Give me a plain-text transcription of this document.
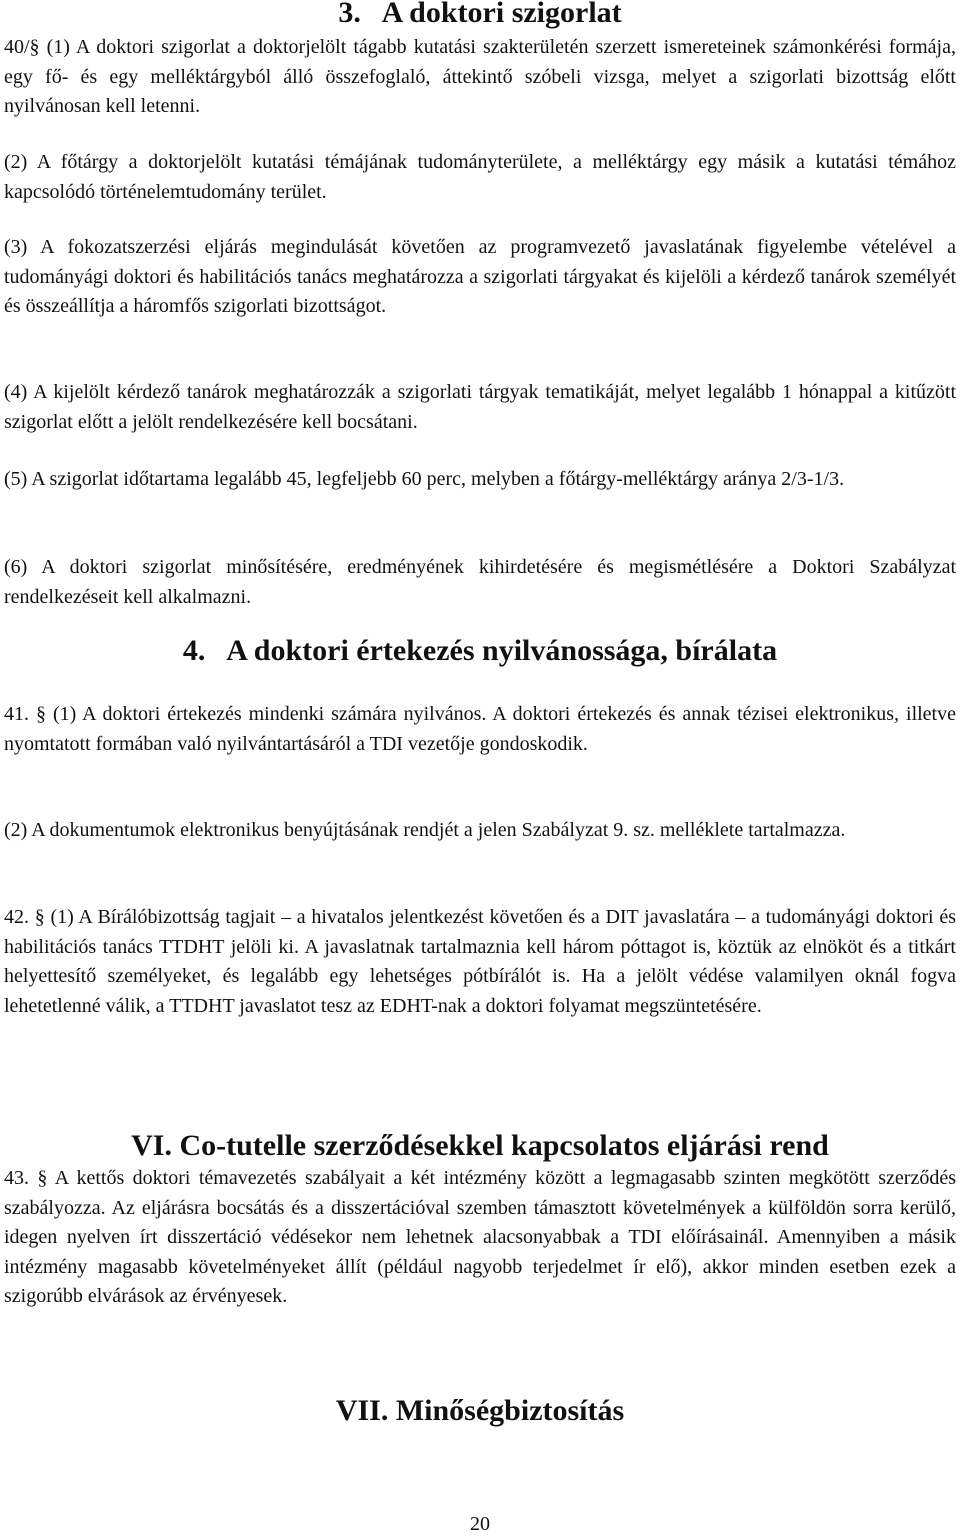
3.   A doktori szigorlat

40/§ (1) A doktori szigorlat a doktorjelölt tágabb kutatási szakterületén szerzett ismereteinek számonkérési formája, egy fő- és egy melléktárgyból álló összefoglaló, áttekintő szóbeli vizsga, melyet a szigorlati bizottság előtt nyilvánosan kell letenni.

(2) A főtárgy a doktorjelölt kutatási témájának tudományterülete, a melléktárgy egy másik a kutatási témához kapcsolódó történelemtudomány terület.

(3) A fokozatszerzési eljárás megindulását követően az programvezető javaslatának figyelembe vételével a tudományági doktori és habilitációs tanács meghatározza a szigorlati tárgyakat és kijelöli a kérdező tanárok személyét és összeállítja a háromfős szigorlati bizottságot.

(4) A kijelölt kérdező tanárok meghatározzák a szigorlati tárgyak tematikáját, melyet legalább 1 hónappal a kitűzött szigorlat előtt a jelölt rendelkezésére kell bocsátani.

(5) A szigorlat időtartama legalább 45, legfeljebb 60 perc, melyben a főtárgy-melléktárgy aránya 2/3-1/3.

(6) A doktori szigorlat minősítésére, eredményének kihirdetésére és megismétlésére a Doktori Szabályzat rendelkezéseit kell alkalmazni.

4.   A doktori értekezés nyilvánossága, bírálata

41. § (1) A doktori értekezés mindenki számára nyilvános. A doktori értekezés és annak tézisei elektronikus, illetve nyomtatott formában való nyilvántartásáról a TDI vezetője gondoskodik.

(2) A dokumentumok elektronikus benyújtásának rendjét a jelen Szabályzat 9. sz. melléklete tartalmazza.

42. § (1) A Bírálóbizottság tagjait – a hivatalos jelentkezést követően és a DIT javaslatára – a tudományági doktori és habilitációs tanács TTDHT jelöli ki. A javaslatnak tartalmaznia kell három póttagot is, köztük az elnököt és a titkárt helyettesítő személyeket, és legalább egy lehetséges pótbírálót is. Ha a jelölt védése valamilyen oknál fogva lehetetlenné válik, a TTDHT javaslatot tesz az EDHT-nak a doktori folyamat megszüntetésére.

VI. Co-tutelle szerződésekkel kapcsolatos eljárási rend

43. § A kettős doktori témavezetés szabályait a két intézmény között a legmagasabb szinten megkötött szerződés szabályozza. Az eljárásra bocsátás és a disszertációval szemben támasztott követelmények a külföldön sorra kerülő, idegen nyelven írt disszertáció védésekor nem lehetnek alacsonyabbak a TDI előírásainál. Amennyiben a másik intézmény magasabb követelményeket állít (például nagyobb terjedelmet ír elő), akkor minden esetben ezek a szigorúbb elvárások az érvényesek.

VII. Minőségbiztosítás
20
